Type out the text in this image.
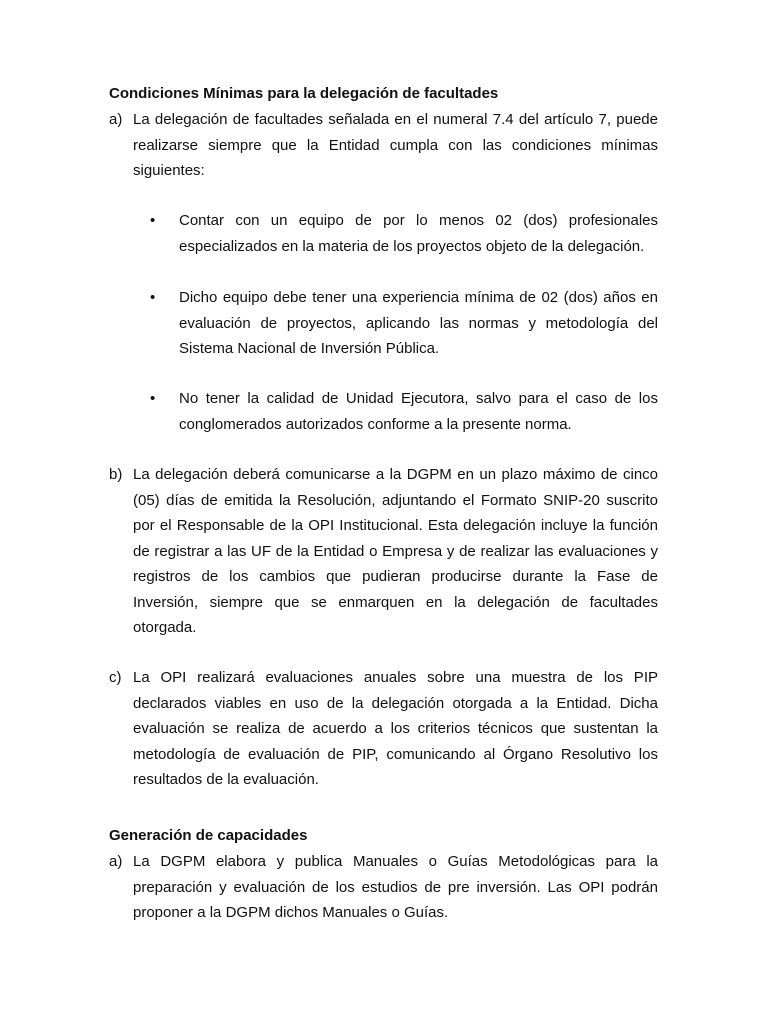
Condiciones Mínimas para la delegación de facultades
a) La delegación de facultades señalada en el numeral 7.4 del artículo 7, puede realizarse siempre que la Entidad cumpla con las condiciones mínimas siguientes:
• Contar con un equipo de por lo menos 02 (dos) profesionales especializados en la materia de los proyectos objeto de la delegación.
• Dicho equipo debe tener una experiencia mínima de 02 (dos) años en evaluación de proyectos, aplicando las normas y metodología del Sistema Nacional de Inversión Pública.
• No tener la calidad de Unidad Ejecutora, salvo para el caso de los conglomerados autorizados conforme a la presente norma.
b) La delegación deberá comunicarse a la DGPM en un plazo máximo de cinco (05) días de emitida la Resolución, adjuntando el Formato SNIP-20 suscrito por el Responsable de la OPI Institucional. Esta delegación incluye la función de registrar a las UF de la Entidad o Empresa y de realizar las evaluaciones y registros de los cambios que pudieran producirse durante la Fase de Inversión, siempre que se enmarquen en la delegación de facultades otorgada.
c) La OPI realizará evaluaciones anuales sobre una muestra de los PIP declarados viables en uso de la delegación otorgada a la Entidad. Dicha evaluación se realiza de acuerdo a los criterios técnicos que sustentan la metodología de evaluación de PIP, comunicando al Órgano Resolutivo los resultados de la evaluación.
Generación de capacidades
a) La DGPM elabora y publica Manuales o Guías Metodológicas para la preparación y evaluación de los estudios de pre inversión. Las OPI podrán proponer a la DGPM dichos Manuales o Guías.
